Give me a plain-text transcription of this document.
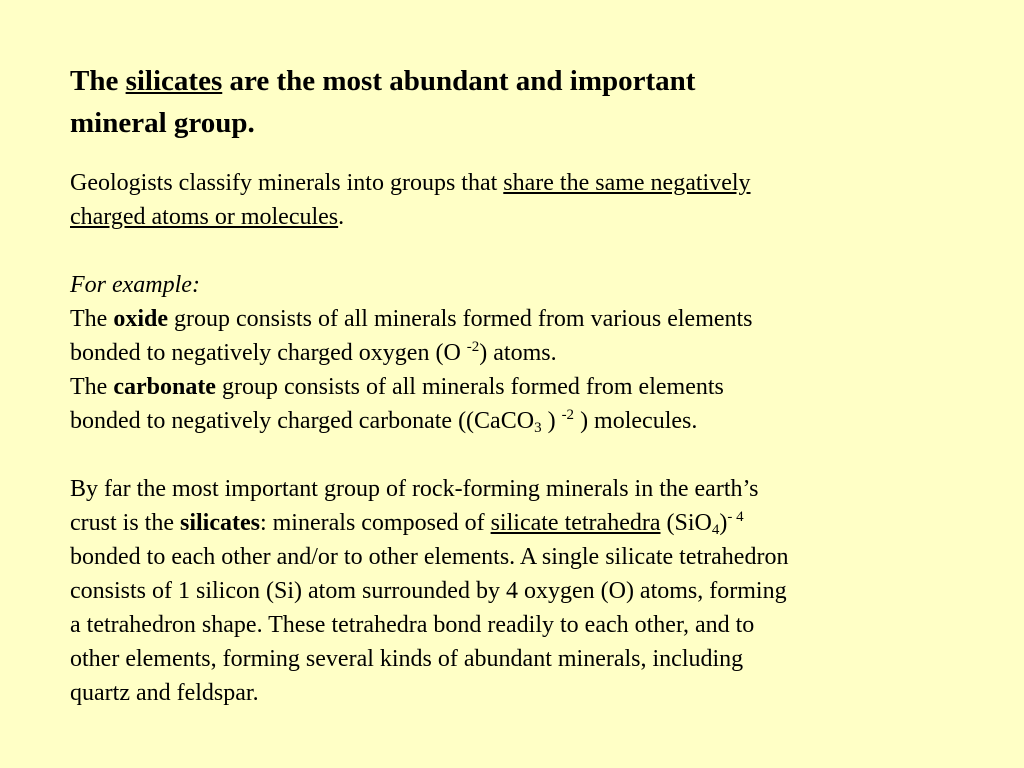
The silicates are the most abundant and important
mineral group.

Geologists classify minerals into groups that share the same negatively
charged atoms or molecules.

For example:
The oxide group consists of all minerals formed from various elements
bonded to negatively charged oxygen (O $^{-2}$) atoms.
The carbonate group consists of all minerals formed from elements
bonded to negatively charged carbonate ((CaCO$_3$ ) $^{-2}$ ) molecules.

By far the most important group of rock-forming minerals in the earth’s
crust is the silicates: minerals composed of silicate tetrahedra $(SiO_4)^{- 4}$
bonded to each other and/or to other elements. A single silicate tetrahedron
consists of 1 silicon (Si) atom surrounded by 4 oxygen (O) atoms, forming
a tetrahedron shape. These tetrahedra bond readily to each other, and to
other elements, forming several kinds of abundant minerals, including
quartz and feldspar.
